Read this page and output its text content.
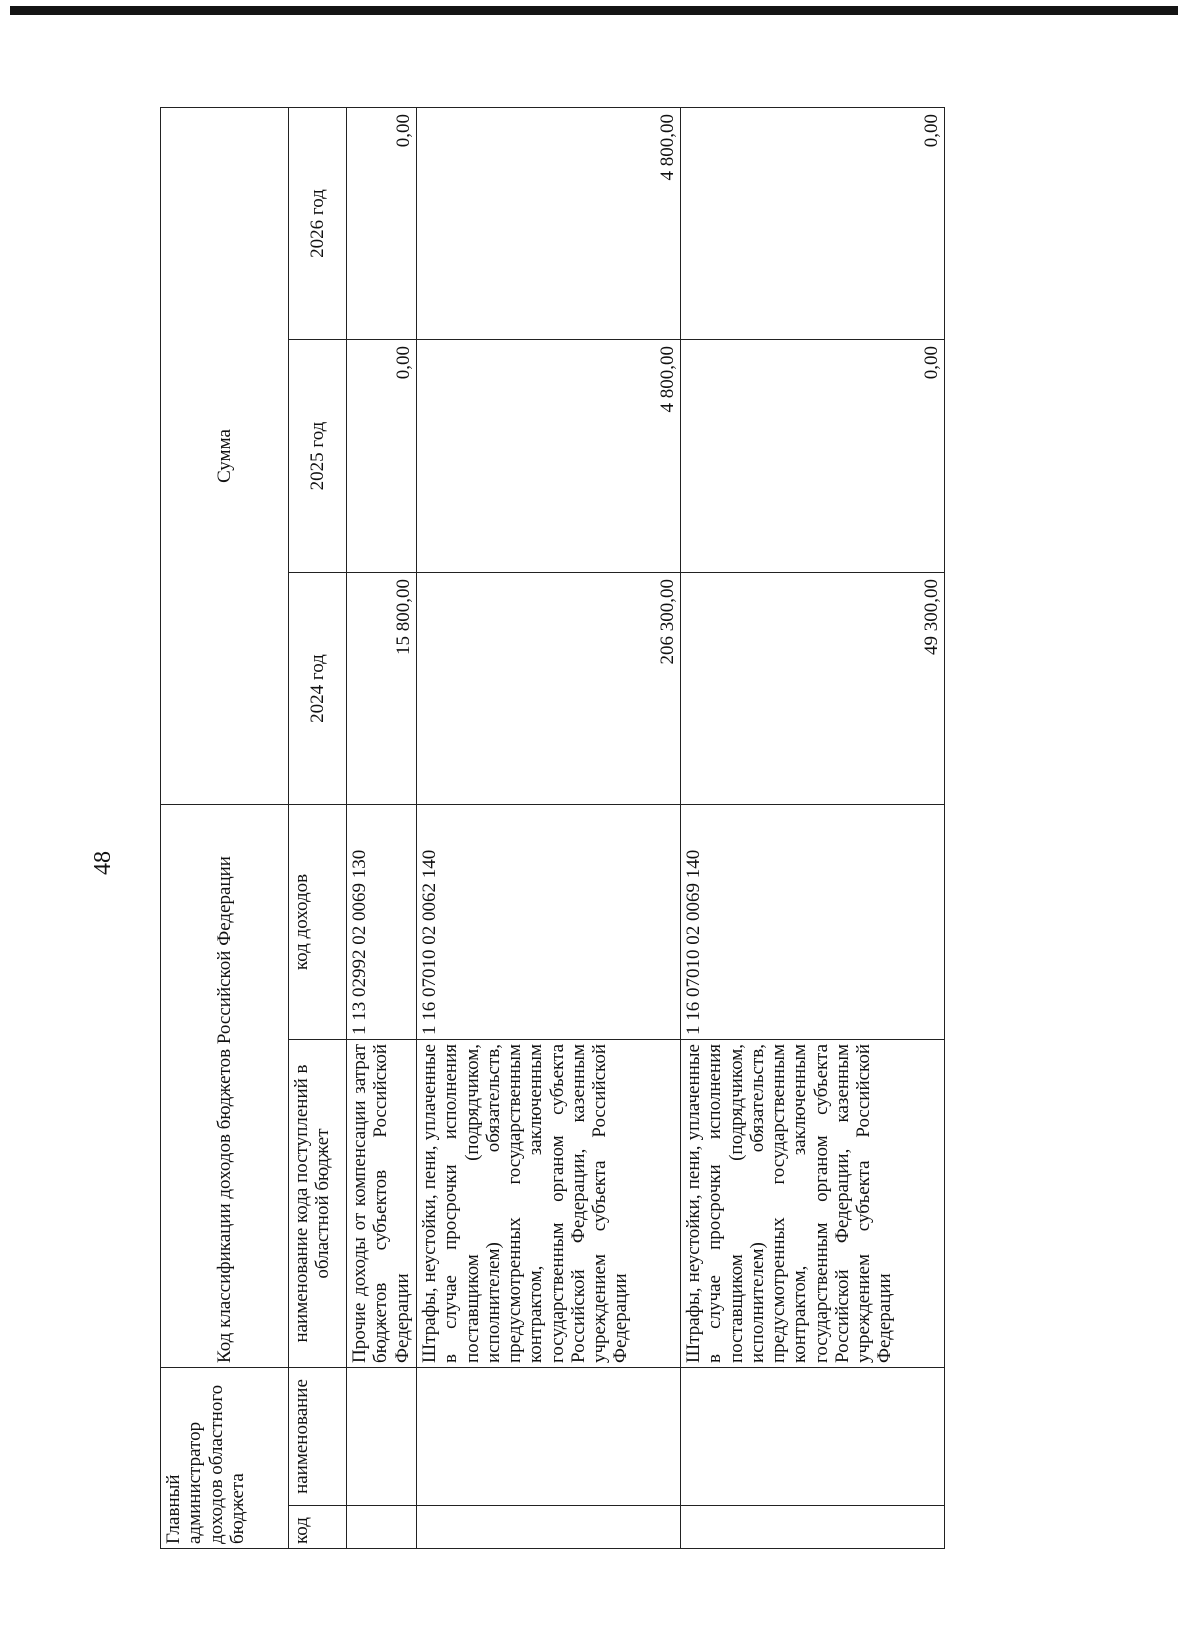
48
Главный администратор доходов областного бюджета		Код классификации доходов бюджетов Российской Федерации		Сумма		
код	наименование	наименование кода поступлений в областной бюджет	код доходов	2024 год	2025 год	2026 год
		Прочие доходы от компенсации затрат бюджетов субъектов Российской Федерации	1 13 02992 02 0069 130	15 800,00	0,00	0,00
		Штрафы, неустойки, пени, уплаченные в случае просрочки исполнения поставщиком (подрядчиком, исполнителем) обязательств, предусмотренных государственным контрактом, заключенным государственным органом субъекта Российской Федерации, казенным учреждением субъекта Российской Федерации	1 16 07010 02 0062 140	206 300,00	4 800,00	4 800,00
		Штрафы, неустойки, пени, уплаченные в случае просрочки исполнения поставщиком (подрядчиком, исполнителем) обязательств, предусмотренных государственным контрактом, заключенным государственным органом субъекта Российской Федерации, казенным учреждением субъекта Российской Федерации	1 16 07010 02 0069 140	49 300,00	0,00	0,00
